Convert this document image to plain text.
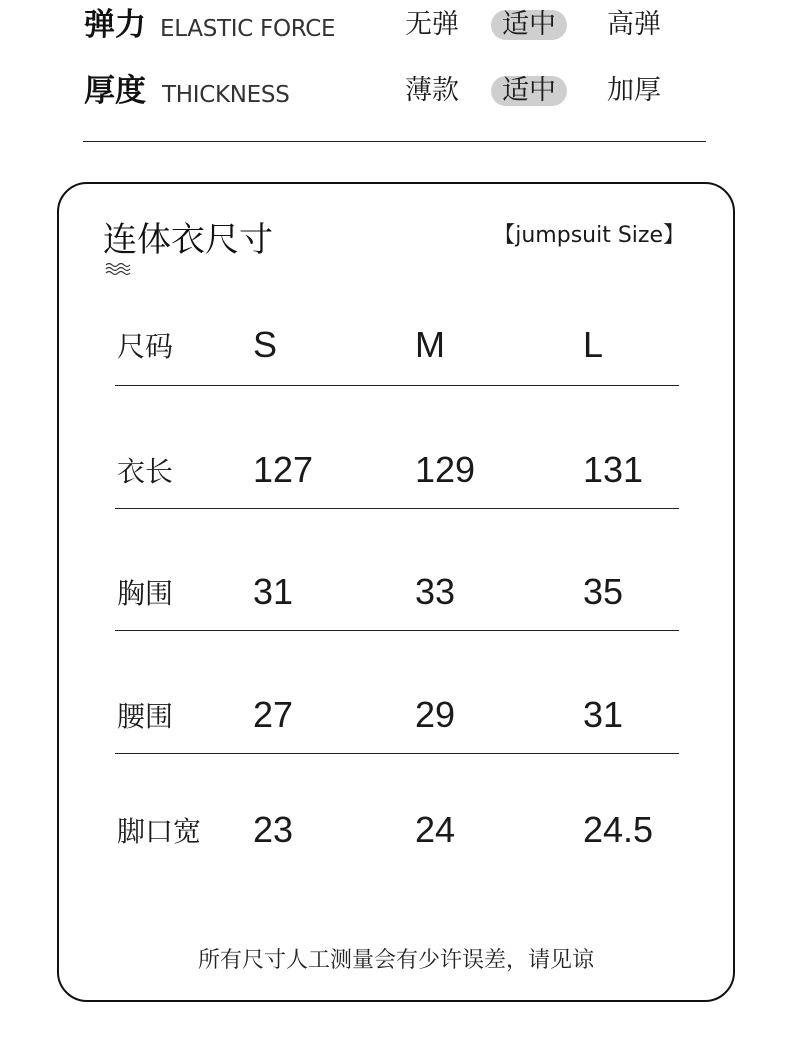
弹力 ELASTIC FORCE	无弹	适中	高弹
厚度 THICKNESS	薄款	适中	加厚
连体衣尺寸	【jumpsuit Size】
尺码 S	M	L
衣长 127	129	131
胸围 31	33	35
腰围 27	29	31
脚口宽 23	24	24.5
所有尺寸人工测量会有少许误差，请见谅
